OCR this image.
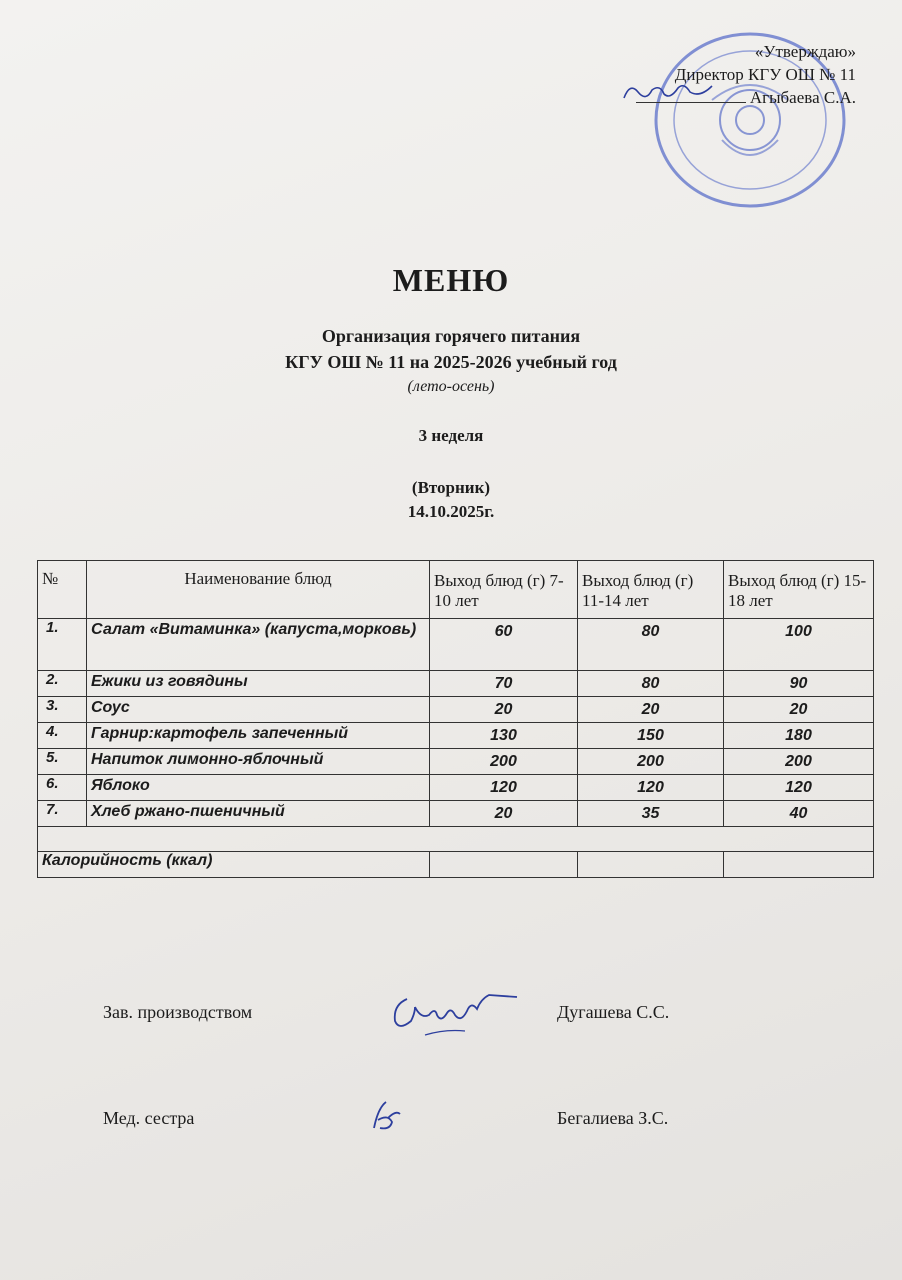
«Утверждаю»
Директор КГУ ОШ № 11
Агыбаева С.А.
МЕНЮ
Организация горячего питания
КГУ ОШ № 11 на 2025-2026 учебный год
(лето-осень)
3 неделя
(Вторник)
14.10.2025г.
№	Наименование блюд	Выход блюд (г) 7-10 лет	Выход блюд (г) 11-14 лет	Выход блюд (г) 15-18 лет
1.	Салат «Витаминка» (капуста,морковь)	60	80	100
2.	Ежики из говядины	70	80	90
3.	Соус	20	20	20
4.	Гарнир:картофель запеченный	130	150	180
5.	Напиток лимонно-яблочный	200	200	200
6.	Яблоко	120	120	120
7.	Хлеб ржано-пшеничный	20	35	40

Калорийность (ккал)				
Зав. производством	Дугашева С.С.
Мед. сестра	Бегалиева З.С.
